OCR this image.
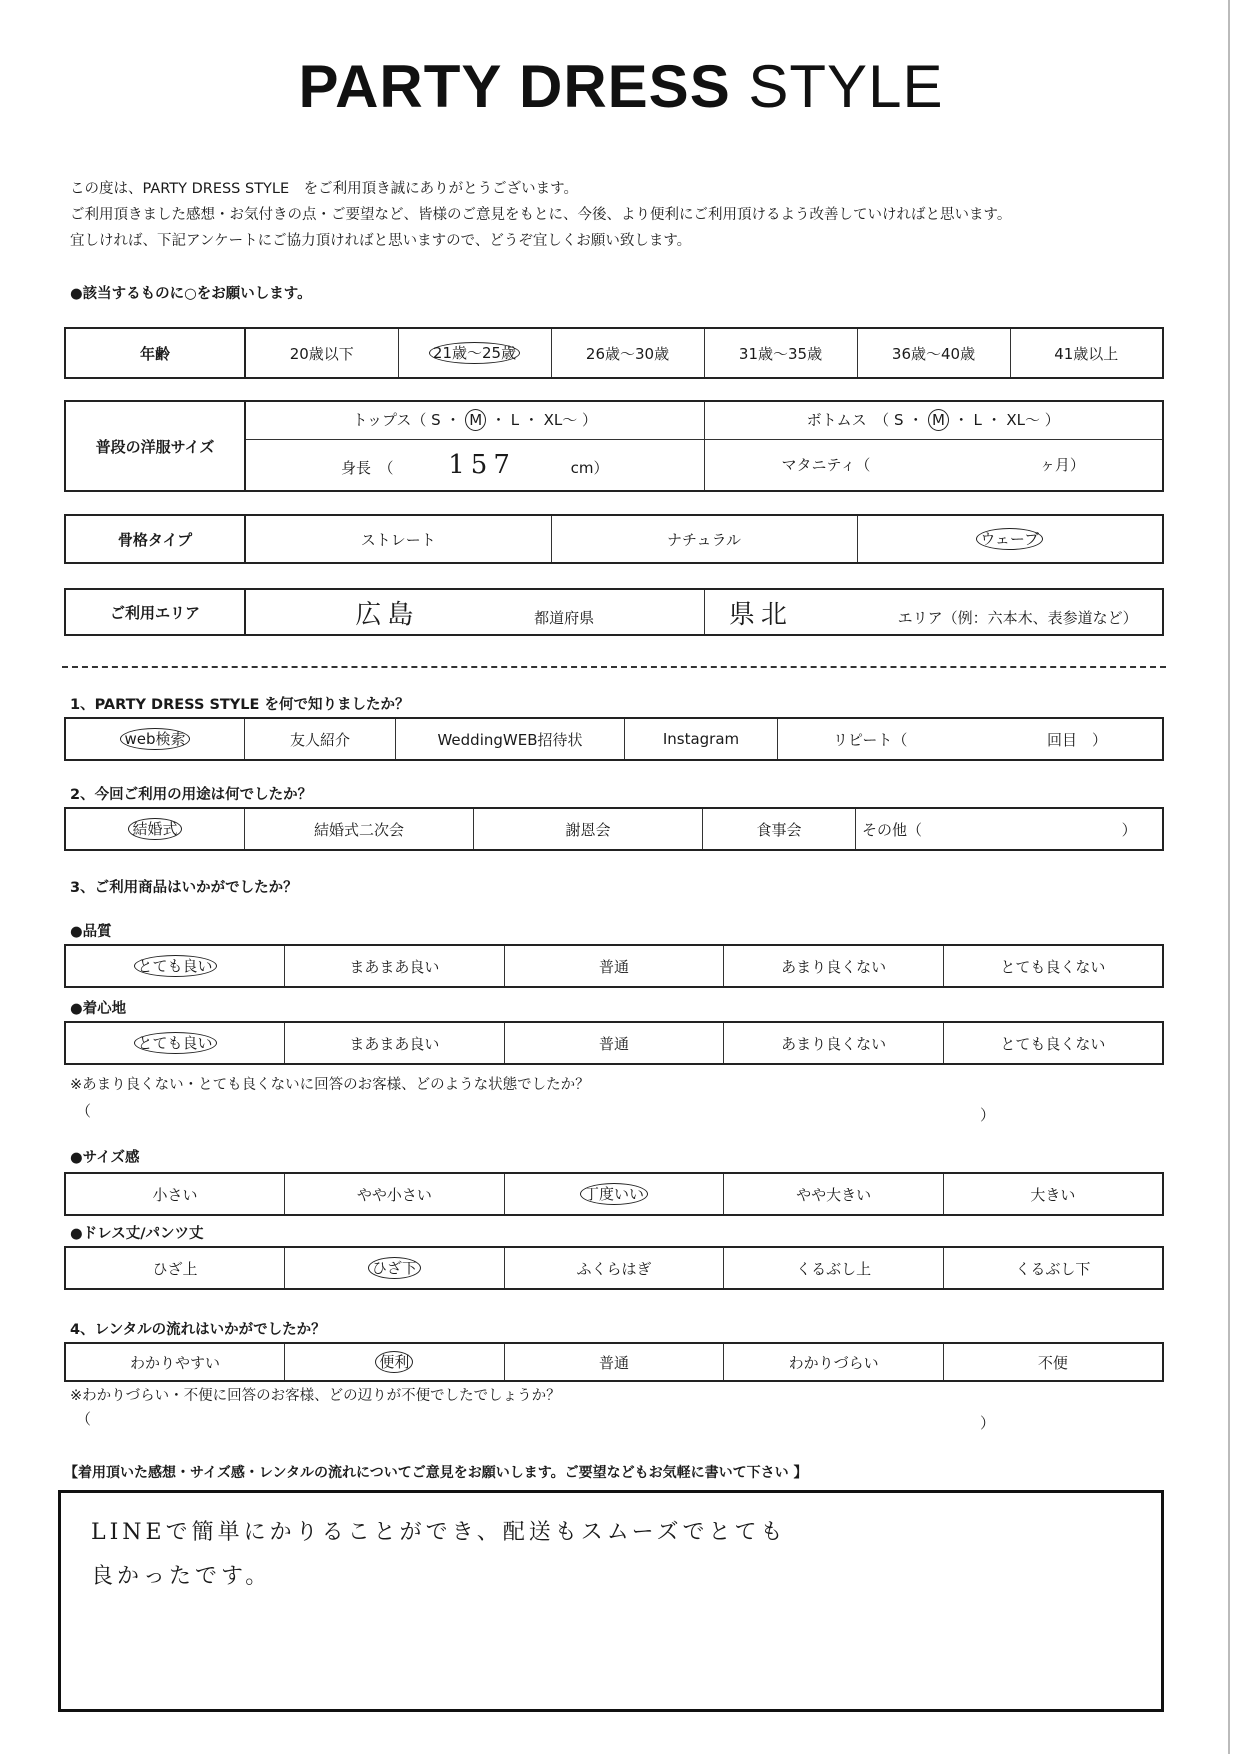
PARTY DRESS STYLE
この度は、PARTY DRESS STYLE　をご利用頂き誠にありがとうございます。
ご利用頂きました感想・お気付きの点・ご要望など、皆様のご意見をもとに、今後、より便利にご利用頂けるよう改善していければと思います。
宜しければ、下記アンケートにご協力頂ければと思いますので、どうぞ宜しくお願い致します。
●該当するものに○をお願いします。
年齢	20歳以下	21歳～25歳	26歳～30歳	31歳～35歳	36歳～40歳	41歳以上
普段の洋服サイズ	トップス（ S ・ M ・ L ・ XL～ ）	ボトムス　（ S ・ M ・ L ・ XL～ ）
	身長　（ 157 cm）	マタニティ（ ヶ月）
骨格タイプ	ストレート	ナチュラル	ウェーブ
ご利用エリア	広島	都道府県	県北	エリア（例：六本木、表参道など）
1、PARTY DRESS STYLE を何で知りましたか？
web検索	友人紹介	WeddingWEB招待状	Instagram	リピート（	回目　）
2、今回ご利用の用途は何でしたか？
結婚式	結婚式二次会	謝恩会	食事会	その他（	）
3、ご利用商品はいかがでしたか？
●品質
とても良い	まあまあ良い	普通	あまり良くない	とても良くない
●着心地
とても良い	まあまあ良い	普通	あまり良くない	とても良くない
※あまり良くない・とても良くないに回答のお客様、どのような状態でしたか？
（	）
●サイズ感
小さい	やや小さい	丁度いい	やや大きい	大きい
●ドレス丈/パンツ丈
ひざ上	ひざ下	ふくらはぎ	くるぶし上	くるぶし下
4、レンタルの流れはいかがでしたか？
わかりやすい	便利	普通	わかりづらい	不便
※わかりづらい・不便に回答のお客様、どの辺りが不便でしたでしょうか？
（	）
【着用頂いた感想・サイズ感・レンタルの流れについてご意見をお願いします。ご要望などもお気軽に書いて下さい 】
LINEで簡単にかりることができ、配送もスムーズでとても
良かったです。
